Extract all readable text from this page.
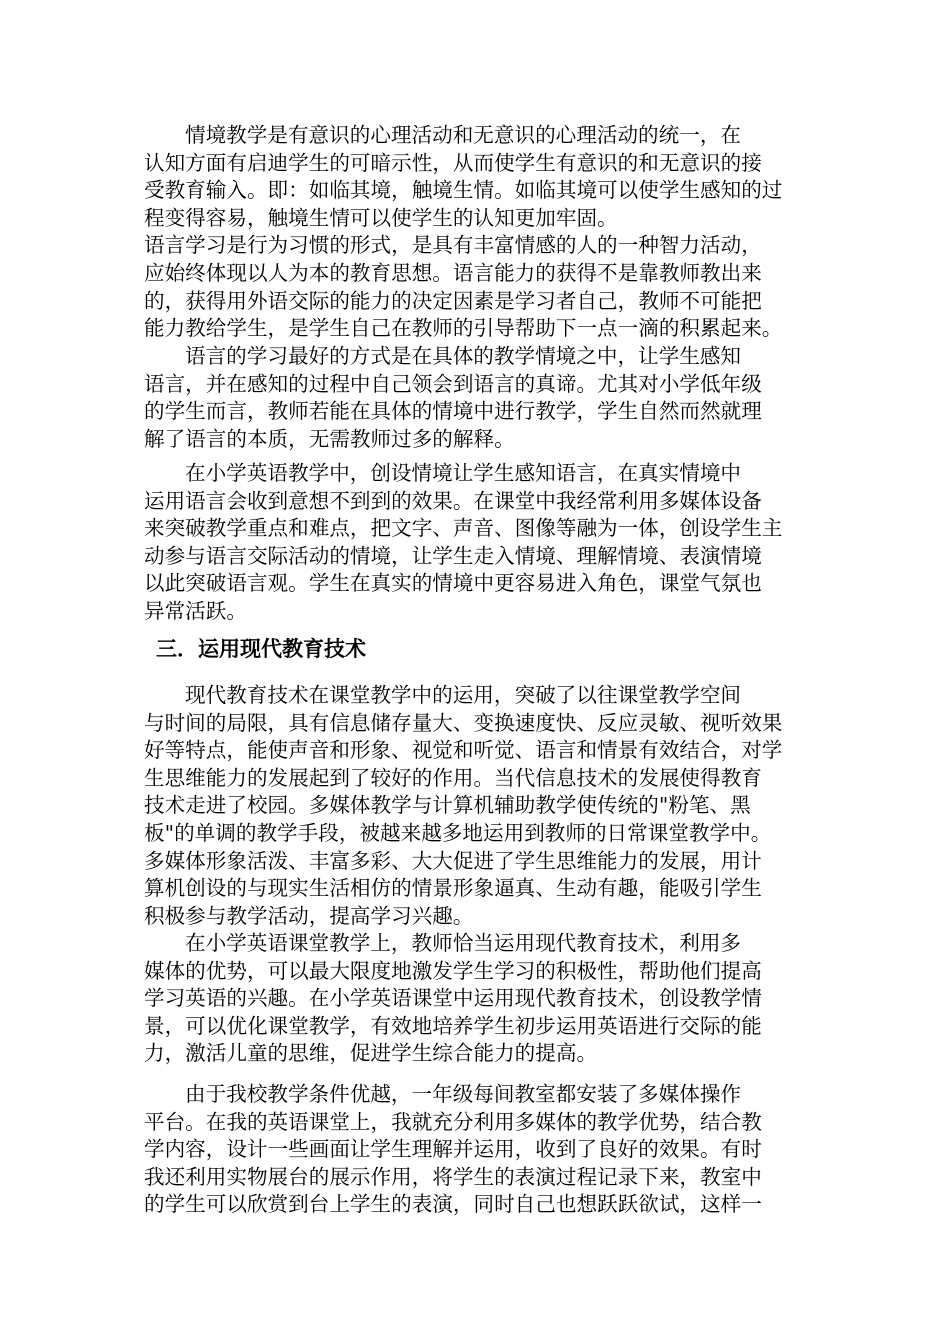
情境教学是有意识的心理活动和无意识的心理活动的统一，在
认知方面有启迪学生的可暗示性，从而使学生有意识的和无意识的接
受教育输入。即：如临其境，触境生情。如临其境可以使学生感知的过
程变得容易，触境生情可以使学生的认知更加牢固。
语言学习是行为习惯的形式，是具有丰富情感的人的一种智力活动，
应始终体现以人为本的教育思想。语言能力的获得不是靠教师教出来
的，获得用外语交际的能力的决定因素是学习者自己，教师不可能把
能力教给学生，是学生自己在教师的引导帮助下一点一滴的积累起来。
语言的学习最好的方式是在具体的教学情境之中，让学生感知
语言，并在感知的过程中自己领会到语言的真谛。尤其对小学低年级
的学生而言，教师若能在具体的情境中进行教学，学生自然而然就理
解了语言的本质，无需教师过多的解释。
在小学英语教学中，创设情境让学生感知语言，在真实情境中
运用语言会收到意想不到到的效果。在课堂中我经常利用多媒体设备
来突破教学重点和难点，把文字、声音、图像等融为一体，创设学生主
动参与语言交际活动的情境，让学生走入情境、理解情境、表演情境
以此突破语言观。学生在真实的情境中更容易进入角色，课堂气氛也
异常活跃。
三．运用现代教育技术
现代教育技术在课堂教学中的运用，突破了以往课堂教学空间
与时间的局限，具有信息储存量大、变换速度快、反应灵敏、视听效果
好等特点，能使声音和形象、视觉和听觉、语言和情景有效结合，对学
生思维能力的发展起到了较好的作用。当代信息技术的发展使得教育
技术走进了校园。多媒体教学与计算机辅助教学使传统的"粉笔、黑
板"的单调的教学手段，被越来越多地运用到教师的日常课堂教学中。
多媒体形象活泼、丰富多彩、大大促进了学生思维能力的发展，用计
算机创设的与现实生活相仿的情景形象逼真、生动有趣，能吸引学生
积极参与教学活动，提高学习兴趣。
在小学英语课堂教学上，教师恰当运用现代教育技术，利用多
媒体的优势，可以最大限度地激发学生学习的积极性，帮助他们提高
学习英语的兴趣。在小学英语课堂中运用现代教育技术，创设教学情
景，可以优化课堂教学，有效地培养学生初步运用英语进行交际的能
力，激活儿童的思维，促进学生综合能力的提高。
由于我校教学条件优越，一年级每间教室都安装了多媒体操作
平台。在我的英语课堂上，我就充分利用多媒体的教学优势，结合教
学内容，设计一些画面让学生理解并运用，收到了良好的效果。有时
我还利用实物展台的展示作用，将学生的表演过程记录下来，教室中
的学生可以欣赏到台上学生的表演，同时自己也想跃跃欲试，这样一
